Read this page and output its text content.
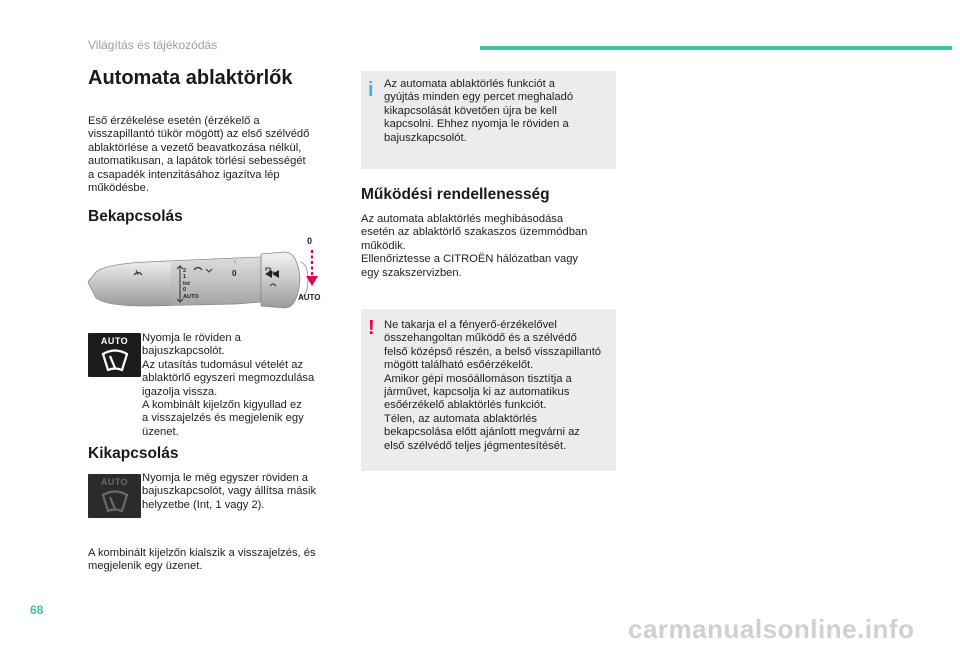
Világítás és tájékozódás
Automata ablaktörlők
Eső érzékelése esetén (érzékelő a
visszapillantó tükör mögött) az első szélvédő
ablaktörlése a vezető beavatkozása nélkül,
automatikusan, a lapátok törlési sebességét
a csapadék intenzitásához igazítva lép
működésbe.
Bekapcsolás
‹
2
1
Int
0
AUTO
0
0
AUTO
AUTO	Nyomja le röviden a
bajuszkapcsolót.
Az utasítás tudomásul vételét az
ablaktörlő egyszeri megmozdulása
igazolja vissza.
A kombinált kijelzőn kigyullad ez
a visszajelzés és megjelenik egy
üzenet.
Kikapcsolás
AUTO	Nyomja le még egyszer röviden a
bajuszkapcsolót, vagy állítsa másik
helyzetbe (Int, 1 vagy 2).
A kombinált kijelzőn kialszik a visszajelzés, és
megjelenik egy üzenet.
i Az automata ablaktörlés funkciót a
gyújtás minden egy percet meghaladó
kikapcsolását követően újra be kell
kapcsolni. Ehhez nyomja le röviden a
bajuszkapcsolót.
Működési rendellenesség
Az automata ablaktörlés meghibásodása
esetén az ablaktörlő szakaszos üzemmódban
működik.
Ellenőriztesse a CITROËN hálózatban vagy
egy szakszervizben.
! Ne takarja el a fényerő-érzékelővel
összehangoltan működő és a szélvédő
felső középső részén, a belső visszapillantó
mögött található esőérzékelőt.
Amikor gépi mosóállomáson tisztítja a
járművet, kapcsolja ki az automatikus
esőérzékelő ablaktörlés funkciót.
Télen, az automata ablaktörlés
bekapcsolása előtt ajánlott megvárni az
első szélvédő teljes jégmentesítését.
68
carmanualsonline.info
